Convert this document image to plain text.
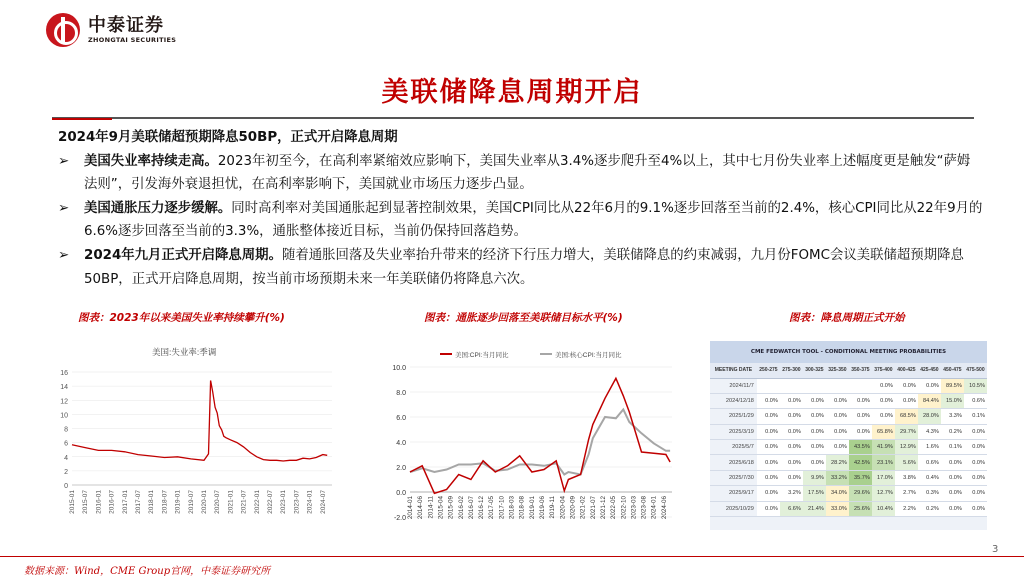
中泰证券
ZHONGTAI SECURITIES
美联储降息周期开启
2024年9月美联储超预期降息50BP，正式开启降息周期
➢ 美国失业率持续走高。2023年初至今，在高利率紧缩效应影响下，美国失业率从3.4%逐步爬升至4%以上，其中七月份失业率上述幅度更是触发“萨姆法则”，引发海外衰退担忧，在高利率影响下，美国就业市场压力逐步凸显。
➢ 美国通胀压力逐步缓解。同时高利率对美国通胀起到显著控制效果，美国CPI同比从22年6月的9.1%逐步回落至当前的2.4%，核心CPI同比从22年9月的6.6%逐步回落至当前的3.3%，通胀整体接近目标，当前仍保持回落趋势。
➢ 2024年九月正式开启降息周期。随着通胀回落及失业率抬升带来的经济下行压力增大，美联储降息的约束减弱，九月份FOMC会议美联储超预期降息50BP，正式开启降息周期，按当前市场预期未来一年美联储仍将降息六次。
图表：2023年以来美国失业率持续攀升(%)	图表：通胀逐步回落至美联储目标水平(%)	图表：降息周期正式开始
美国:失业率:季调
0
2
4
6
8
10
12
14
16
2015-01 2015-07 2016-01 2016-07 2017-01 2017-07 2018-01 2018-07 2019-01 2019-07 2020-01 2020-07 2021-01 2021-07 2022-01 2022-07 2023-01 2023-07 2024-01 2024-07
美国:CPI:当月同比	美国:核心CPI:当月同比
-2.0
0.0
2.0
4.0
6.0
8.0
10.0
2014-01 2014-06 2014-11 2015-04 2015-09 2016-02 2016-07 2016-12 2017-05 2017-10 2018-03 2018-08 2019-01 2019-06 2019-11 2020-04 2020-09 2021-02 2021-07 2021-12 2022-05 2022-10 2023-03 2023-08 2024-01 2024-06
CME FEDWATCH TOOL - CONDITIONAL MEETING PROBABILITIES
MEETING DATE	250-275	275-300	300-325	325-350	350-375	375-400	400-425	425-450	450-475	475-500
2024/11/7						0.0%	0.0%	0.0%	89.5%	10.5%
2024/12/18	0.0%	0.0%	0.0%	0.0%	0.0%	0.0%	0.0%	84.4%	15.0%	0.6%
2025/1/29	0.0%	0.0%	0.0%	0.0%	0.0%	0.0%	68.5%	28.0%	3.3%	0.1%
2025/3/19	0.0%	0.0%	0.0%	0.0%	0.0%	65.8%	29.7%	4.3%	0.2%	0.0%
2025/5/7	0.0%	0.0%	0.0%	0.0%	43.5%	41.9%	12.9%	1.6%	0.1%	0.0%
2025/6/18	0.0%	0.0%	0.0%	28.2%	42.5%	23.1%	5.6%	0.6%	0.0%	0.0%
2025/7/30	0.0%	0.0%	9.9%	33.2%	35.7%	17.0%	3.8%	0.4%	0.0%	0.0%
2025/9/17	0.0%	3.2%	17.5%	34.0%	29.6%	12.7%	2.7%	0.3%	0.0%	0.0%
2025/10/29	0.0%	6.6%	21.4%	33.0%	25.6%	10.4%	2.2%	0.2%	0.0%	0.0%
3
数据来源：Wind，CME Group官网，中泰证券研究所
